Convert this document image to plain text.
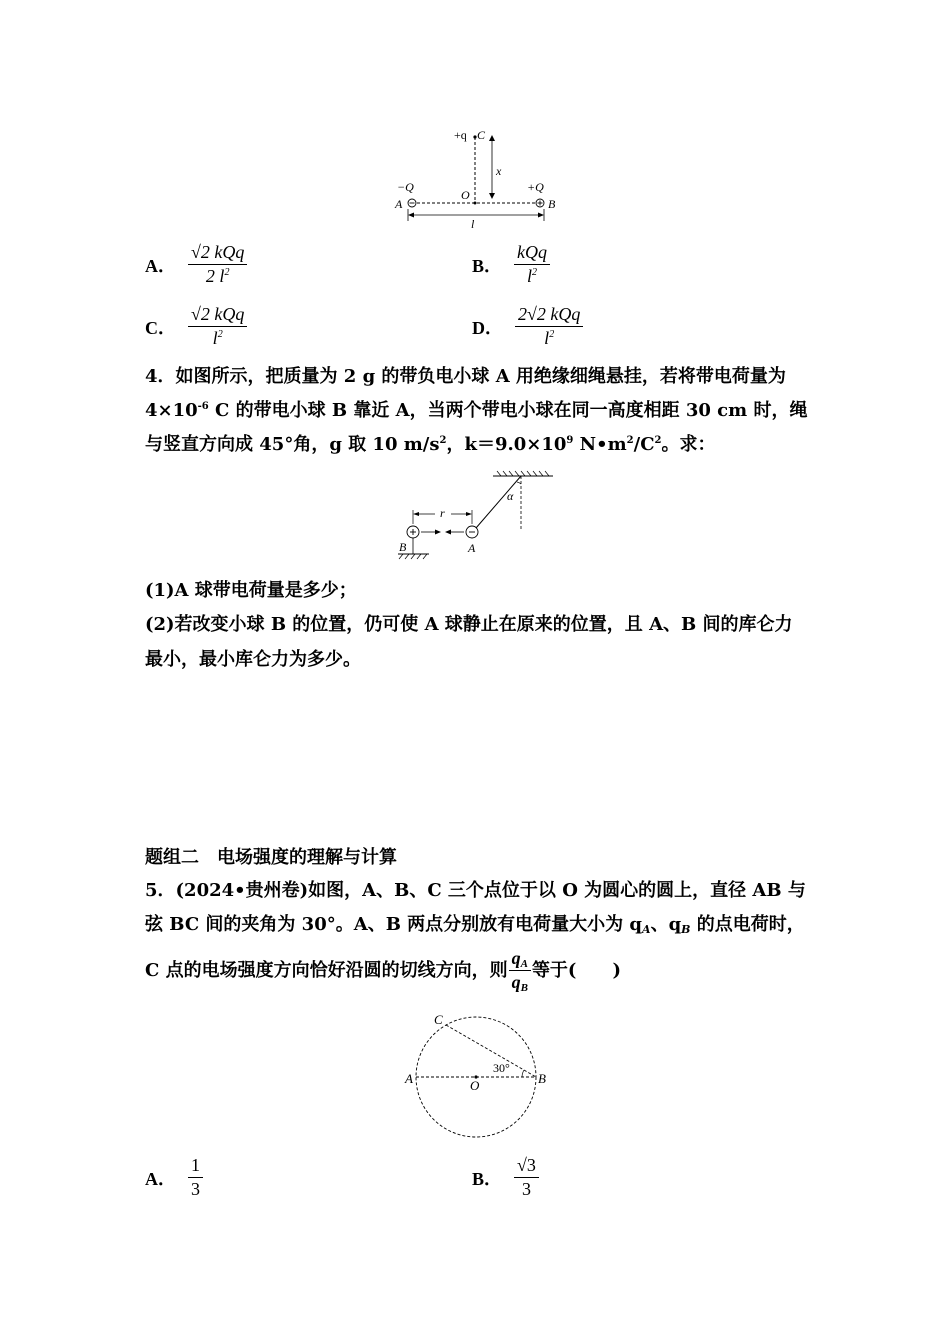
+q C
x
−Q	+Q
O
A	B
l
A． $\frac{\text{√2 kQq}}{2 l^2}$	B． $\frac{\text{kQq}}{l^2}$
C． $\frac{\text{√2 kQq}}{l^2}$	D． $\frac{\text{2√2 kQq}}{l^2}$
4．如图所示，把质量为 2 g 的带负电小球 A 用绝缘细绳悬挂，若将带电荷量为
$4\times 10^{-6}$ C 的带电小球 B 靠近 A，当两个带电小球在同一高度相距 30 cm 时，绳
与竖直方向成 45°角，g 取 10 $m/s^2$，$k=9.0\times 10^9$ $N•m^2/C^2$。求：
α
r
B	A
(1)A 球带电荷量是多少；
(2)若改变小球 B 的位置，仍可使 A 球静止在原来的位置，且 A、B 间的库仑力
最小，最小库仑力为多少。
题组二　电场强度的理解与计算
5．(2024•贵州卷)如图，A、B、C 三个点位于以 O 为圆心的圆上，直径 AB 与
弦 BC 间的夹角为 30°。A、B 两点分别放有电荷量大小为 $q_A$、$q_B$ 的点电荷时，
C 点的电场强度方向恰好沿圆的切线方向，则 $\frac{q_A}{q_B}$ 等于(　　)
C
A	O	B
30°
A． $\frac{1}{3}$	B． $\frac{√3}{3}$
